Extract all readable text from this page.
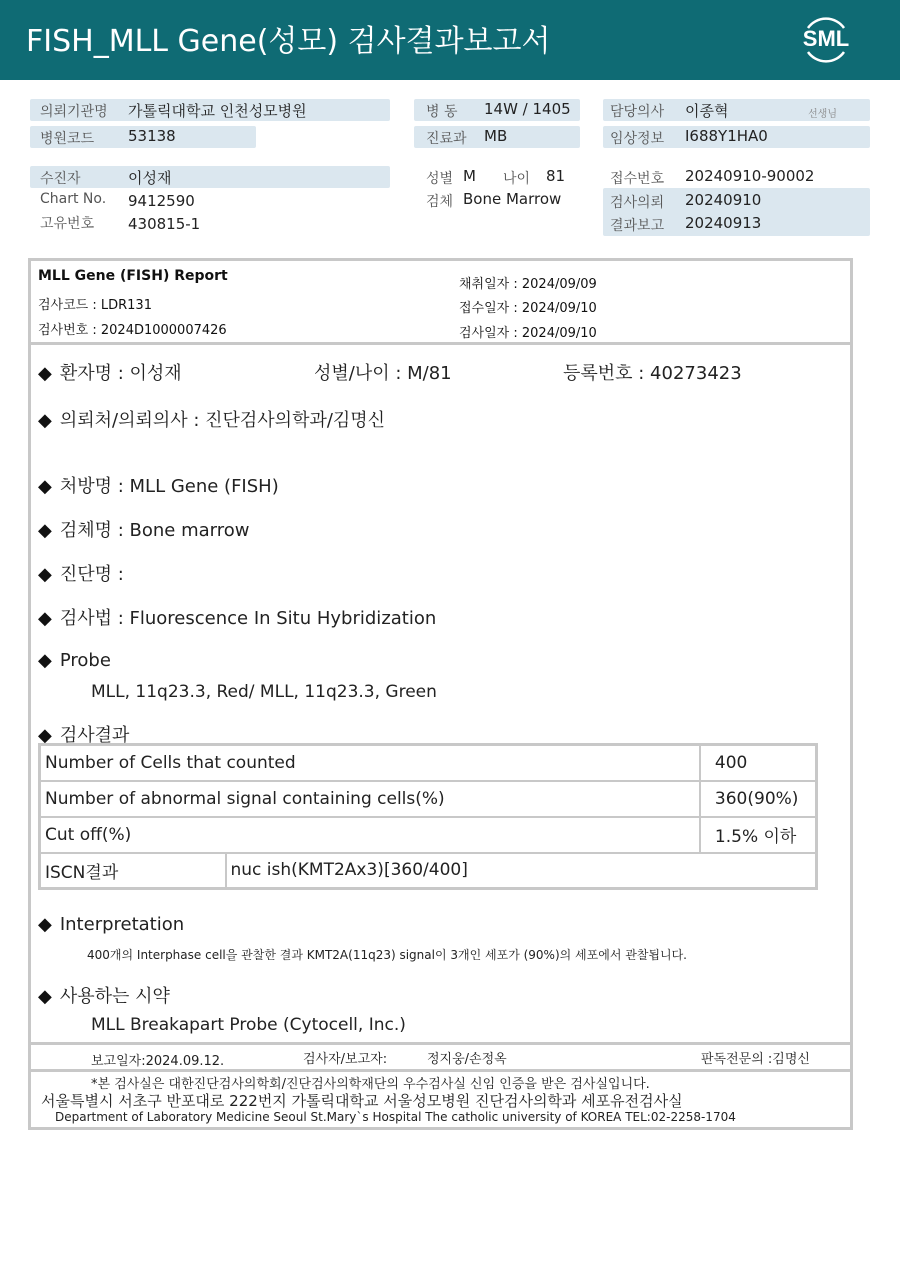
FISH_MLL Gene(성모) 검사결과보고서	SML
의뢰기관명 가톨릭대학교 인천성모병원
병원코드 53138
병 동 14W / 1405
진료과 MB
담당의사 이종혁	선생님
임상정보 I688Y1HA0
수진자	이성재
Chart No. 9412590
고유번호 430815-1
성별 M 나이 81
검체 Bone Marrow
접수번호 20240910-90002
검사의뢰 20240910
결과보고 20240913
MLL Gene (FISH) Report
검사코드 : LDR131
검사번호 : 2024D1000007426
채취일자 : 2024/09/09
접수일자 : 2024/09/10
검사일자 : 2024/09/10
◆ 환자명 : 이성재	성별/나이 : M/81	등록번호 : 40273423
◆ 의뢰처/의뢰의사 : 진단검사의학과/김명신
◆ 처방명 : MLL Gene (FISH)
◆ 검체명 : Bone marrow
◆ 진단명 :
◆ 검사법 : Fluorescence In Situ Hybridization
◆ Probe
MLL, 11q23.3, Red/ MLL, 11q23.3, Green
◆ 검사결과
Number of Cells that counted		400
Number of abnormal signal containing cells(%)		360(90%)
Cut off(%)		1.5% 이하
ISCN결과	nuc ish(KMT2Ax3)[360/400]	
◆ Interpretation
400개의 Interphase cell을 관찰한 결과 KMT2A(11q23) signal이 3개인 세포가 (90%)의 세포에서 관찰됩니다.
◆ 사용하는 시약
MLL Breakapart Probe (Cytocell, Inc.)
보고일자:2024.09.12.	검사자/보고자:	정지웅/손정옥	판독전문의 :김명신
*본 검사실은 대한진단검사의학회/진단검사의학재단의 우수검사실 신임 인증을 받은 검사실입니다.
서울특별시 서초구 반포대로 222번지 가톨릭대학교 서울성모병원 진단검사의학과 세포유전검사실
Department of Laboratory Medicine Seoul St.Mary`s Hospital The catholic university of KOREA TEL:02-2258-1704
